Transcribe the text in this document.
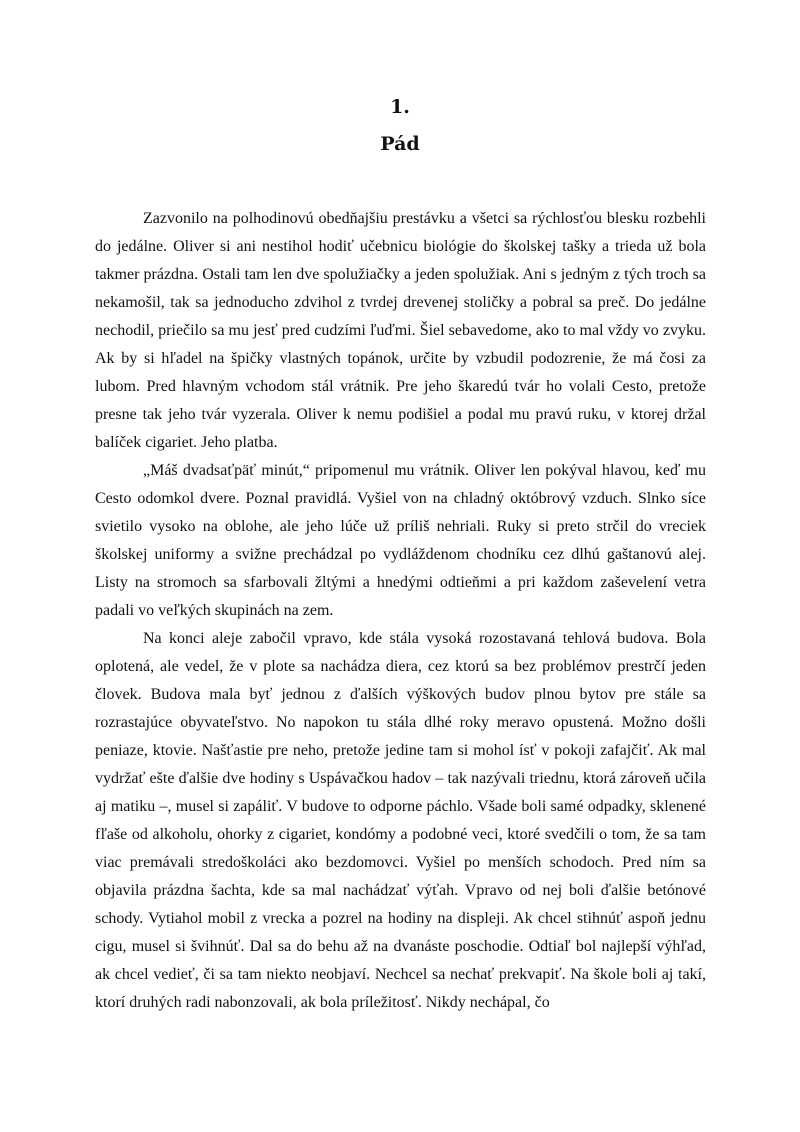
1.
Pád

Zazvonilo na polhodinovú obedňajšiu prestávku a všetci sa rýchlosťou blesku rozbehli do jedálne. Oliver si ani nestihol hodiť učebnicu biológie do školskej tašky a trieda už bola takmer prázdna. Ostali tam len dve spolužiačky a jeden spolužiak. Ani s jedným z tých troch sa nekamošil, tak sa jednoducho zdvihol z tvrdej drevenej stoličky a pobral sa preč. Do jedálne nechodil, priečilo sa mu jesť pred cudzími ľuďmi. Šiel sebavedome, ako to mal vždy vo zvyku. Ak by si hľadel na špičky vlastných topánok, určite by vzbudil podozrenie, že má čosi za lubom. Pred hlavným vchodom stál vrátnik. Pre jeho škaredú tvár ho volali Cesto, pretože presne tak jeho tvár vyzerala. Oliver k nemu podišiel a podal mu pravú ruku, v ktorej držal balíček cigariet. Jeho platba.

„Máš dvadsaťpäť minút,“ pripomenul mu vrátnik. Oliver len pokýval hlavou, keď mu Cesto odomkol dvere. Poznal pravidlá. Vyšiel von na chladný októbrový vzduch. Slnko síce svietilo vysoko na oblohe, ale jeho lúče už príliš nehriali. Ruky si preto strčil do vreciek školskej uniformy a svižne prechádzal po vydláždenom chodníku cez dlhú gaštanovú alej. Listy na stromoch sa sfarbovali žltými a hnedými odtieňmi a pri každom zaševelení vetra padali vo veľkých skupinách na zem.

Na konci aleje zabočil vpravo, kde stála vysoká rozostavaná tehlová budova. Bola oplotená, ale vedel, že v plote sa nachádza diera, cez ktorú sa bez problémov prestrčí jeden človek. Budova mala byť jednou z ďalších výškových budov plnou bytov pre stále sa rozrastajúce obyvateľstvo. No napokon tu stála dlhé roky meravo opustená. Možno došli peniaze, ktovie. Našťastie pre neho, pretože jedine tam si mohol ísť v pokoji zafajčiť. Ak mal vydržať ešte ďalšie dve hodiny s Uspávačkou hadov – tak nazývali triednu, ktorá zároveň učila aj matiku –, musel si zapáliť. V budove to odporne páchlo. Všade boli samé odpadky, sklenené fľaše od alkoholu, ohorky z cigariet, kondómy a podobné veci, ktoré svedčili o tom, že sa tam viac premávali stredoškoláci ako bezdomovci. Vyšiel po menších schodoch. Pred ním sa objavila prázdna šachta, kde sa mal nachádzať výťah. Vpravo od nej boli ďalšie betónové schody. Vytiahol mobil z vrecka a pozrel na hodiny na displeji. Ak chcel stihnúť aspoň jednu cigu, musel si švihnúť. Dal sa do behu až na dvanáste poschodie. Odtiaľ bol najlepší výhľad, ak chcel vedieť, či sa tam niekto neobjaví. Nechcel sa nechať prekvapiť. Na škole boli aj takí, ktorí druhých radi nabonzovali, ak bola príležitosť. Nikdy nechápal, čo
